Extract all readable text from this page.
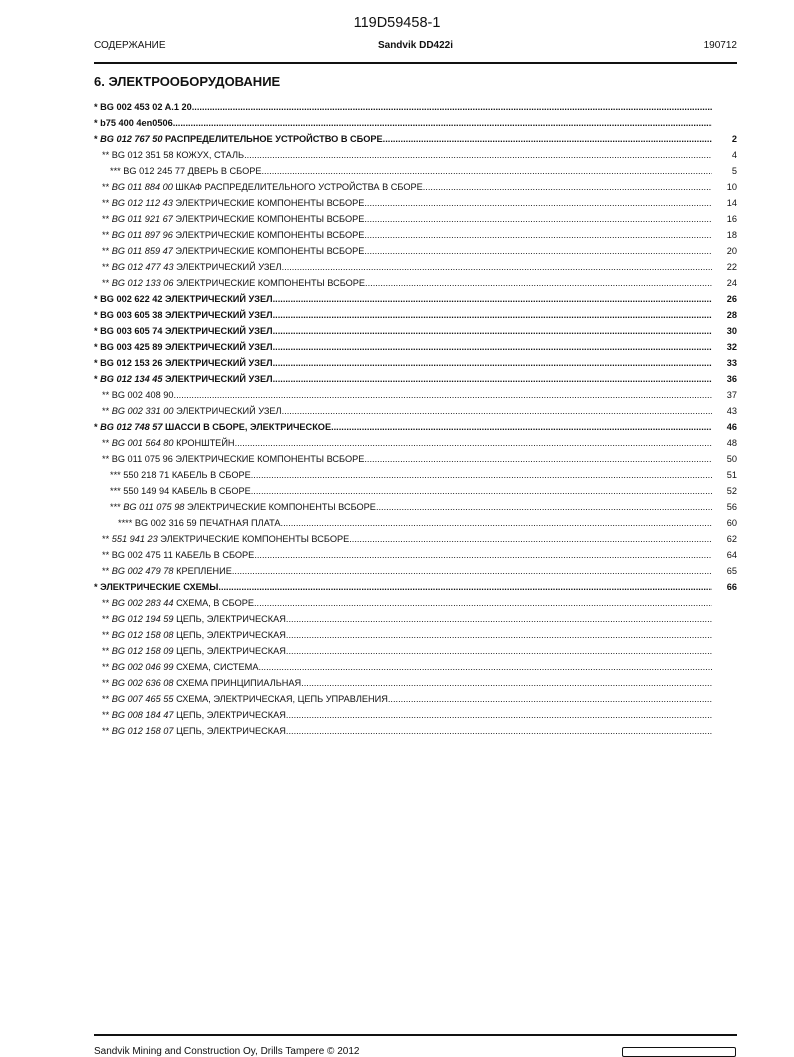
119D59458-1
СОДЕРЖАНИЕ	Sandvik DD422i	190712
6. ЭЛЕКТРООБОРУДОВАНИЕ
* BG 002 453 02 A.1 20 .....
* b75 400 4en0506 .....
* BG 012 767 50 РАСПРЕДЕЛИТЕЛЬНОЕ УСТРОЙСТВО В СБОРЕ .....	2
** BG 012 351 58 КОЖУХ, СТАЛЬ .....	4
*** BG 012 245 77 ДВЕРЬ В СБОРЕ .....	5
** BG 011 884 00 ШКАФ РАСПРЕДЕЛИТЕЛЬНОГО УСТРОЙСТВА В СБОРЕ .....	10
** BG 012 112 43 ЭЛЕКТРИЧЕСКИЕ КОМПОНЕНТЫ ВСБОРЕ .....	14
** BG 011 921 67 ЭЛЕКТРИЧЕСКИЕ КОМПОНЕНТЫ ВСБОРЕ .....	16
** BG 011 897 96 ЭЛЕКТРИЧЕСКИЕ КОМПОНЕНТЫ ВСБОРЕ .....	18
** BG 011 859 47 ЭЛЕКТРИЧЕСКИЕ КОМПОНЕНТЫ ВСБОРЕ .....	20
** BG 012 477 43 ЭЛЕКТРИЧЕСКИЙ УЗЕЛ .....	22
** BG 012 133 06 ЭЛЕКТРИЧЕСКИЕ КОМПОНЕНТЫ ВСБОРЕ .....	24
* BG 002 622 42 ЭЛЕКТРИЧЕСКИЙ УЗЕЛ .....	26
* BG 003 605 38 ЭЛЕКТРИЧЕСКИЙ УЗЕЛ .....	28
* BG 003 605 74 ЭЛЕКТРИЧЕСКИЙ УЗЕЛ .....	30
* BG 003 425 89 ЭЛЕКТРИЧЕСКИЙ УЗЕЛ .....	32
* BG 012 153 26 ЭЛЕКТРИЧЕСКИЙ УЗЕЛ .....	33
* BG 012 134 45 ЭЛЕКТРИЧЕСКИЙ УЗЕЛ .....	36
** BG 002 408 90 .....	37
** BG 002 331 00 ЭЛЕКТРИЧЕСКИЙ УЗЕЛ .....	43
* BG 012 748 57 ШАССИ В СБОРЕ, ЭЛЕКТРИЧЕСКОЕ .....	46
** BG 001 564 80 КРОНШТЕЙН .....	48
** BG 011 075 96 ЭЛЕКТРИЧЕСКИЕ КОМПОНЕНТЫ ВСБОРЕ .....	50
*** 550 218 71 КАБЕЛЬ В СБОРЕ .....	51
*** 550 149 94 КАБЕЛЬ В СБОРЕ .....	52
*** BG 011 075 98 ЭЛЕКТРИЧЕСКИЕ КОМПОНЕНТЫ ВСБОРЕ .....	56
**** BG 002 316 59 ПЕЧАТНАЯ ПЛАТА .....	60
** 551 941 23 ЭЛЕКТРИЧЕСКИЕ КОМПОНЕНТЫ ВСБОРЕ .....	62
** BG 002 475 11 КАБЕЛЬ В СБОРЕ .....	64
** BG 002 479 78 КРЕПЛЕНИЕ .....	65
* ЭЛЕКТРИЧЕСКИЕ СХЕМЫ .....	66
** BG 002 283 44 СХЕМА, В СБОРЕ .....
** BG 012 194 59 ЦЕПЬ, ЭЛЕКТРИЧЕСКАЯ .....
** BG 012 158 08 ЦЕПЬ, ЭЛЕКТРИЧЕСКАЯ .....
** BG 012 158 09 ЦЕПЬ, ЭЛЕКТРИЧЕСКАЯ .....
** BG 002 046 99 СХЕМА, СИСТЕМА .....
** BG 002 636 08 СХЕМА ПРИНЦИПИАЛЬНАЯ .....
** BG 007 465 55 СХЕМА, ЭЛЕКТРИЧЕСКАЯ, ЦЕПЬ УПРАВЛЕНИЯ .....
** BG 008 184 47 ЦЕПЬ, ЭЛЕКТРИЧЕСКАЯ .....
** BG 012 158 07 ЦЕПЬ, ЭЛЕКТРИЧЕСКАЯ .....
Sandvik Mining and Construction Oy, Drills Tampere © 2012
